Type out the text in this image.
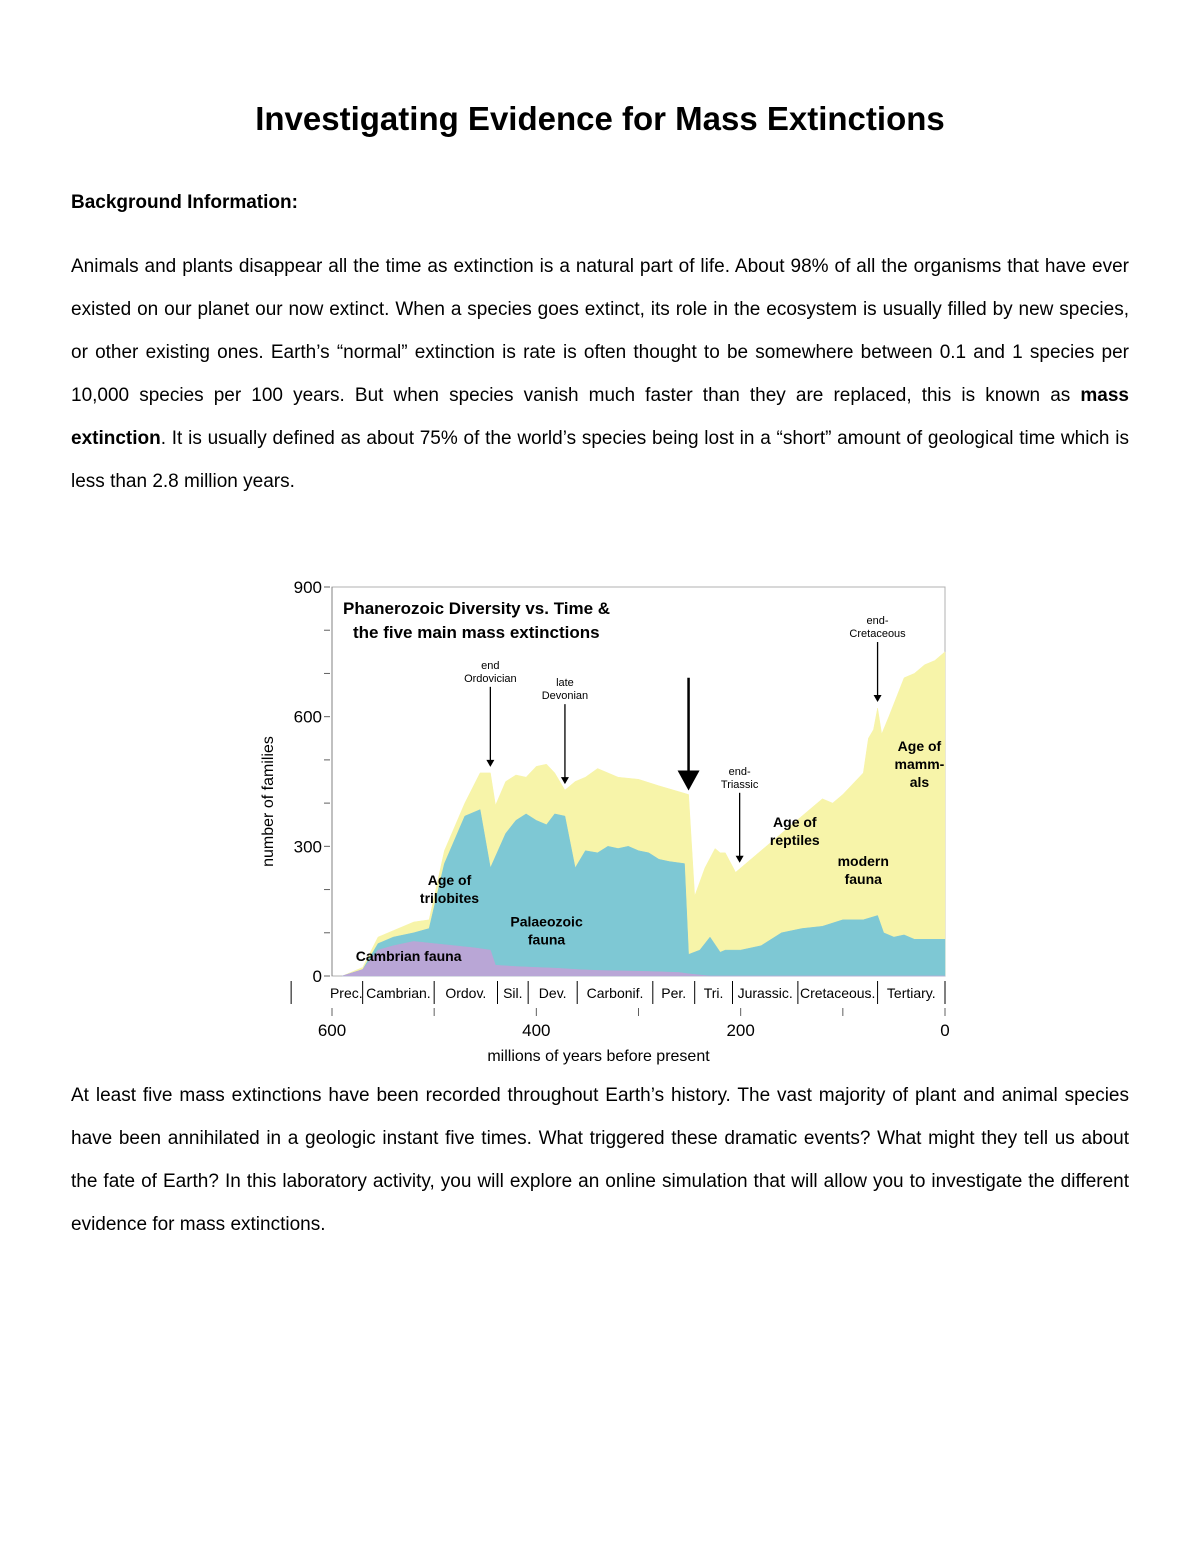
Investigating Evidence for Mass Extinctions
Background Information:

Animals and plants disappear all the time as extinction is a natural part of life. About 98% of all the organisms that have ever existed on our planet our now extinct. When a species goes extinct, its role in the ecosystem is usually filled by new species, or other existing ones. Earth’s “normal” extinction is rate is often thought to be somewhere between 0.1 and 1 species per 10,000 species per 100 years. But when species vanish much faster than they are replaced, this is known as mass extinction. It is usually defined as about 75% of the world’s species being lost in a “short” amount of geological time which is less than 2.8 million years.

0
300
600
900
number of families
Phanerozoic Diversity vs. Time &
the five main mass extinctions
Prec. Cambrian. Ordov. Sil. Dev. Carbonif. Per. Tri. Jurassic. Cretaceous. Tertiary.
600	400	200	0
millions of years before present
end
Ordovician	late
Devonian
end-
Triassic
end-
Cretaceous
Age of
trilobites
Palaeozoic
fauna
Cambrian fauna
Age of
reptiles
modern
fauna
Age of
mamm-
als

At least five mass extinctions have been recorded throughout Earth’s history. The vast majority of plant and animal species have been annihilated in a geologic instant five times. What triggered these dramatic events? What might they tell us about the fate of Earth? In this laboratory activity, you will explore an online simulation that will allow you to investigate the different evidence for mass extinctions.
